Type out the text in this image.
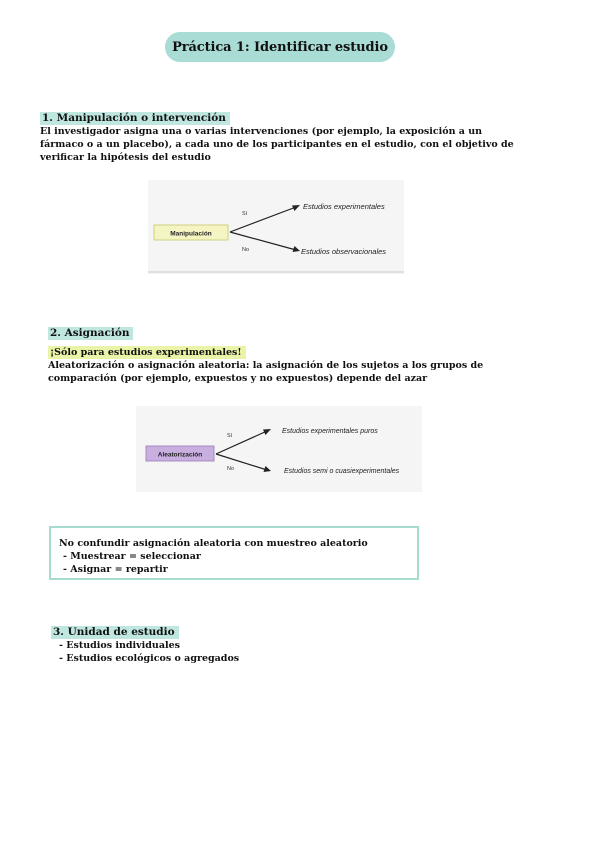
Práctica 1: Identificar estudio
1. Manipulación o intervención

El investigador asigna una o varias intervenciones (por ejemplo, la exposición a un

fármaco o a un placebo), a cada uno de los participantes en el estudio, con el objetivo de

verificar la hipótesis del estudio

Manipulación
Sí
No
Estudios experimentales
Estudios observacionales
2. Asignación
¡Sólo para estudios experimentales!

Aleatorización o asignación aleatoria: la asignación de los sujetos a los grupos de

comparación (por ejemplo, expuestos y no expuestos) depende del azar

Aleatorización
Sí
No
Estudios experimentales puros
Estudios semi o cuasiexperimentales

No confundir asignación aleatoria con muestreo aleatorio

- Muestrear = seleccionar

- Asignar = repartir

3. Unidad de estudio

- Estudios individuales

- Estudios ecológicos o agregados
